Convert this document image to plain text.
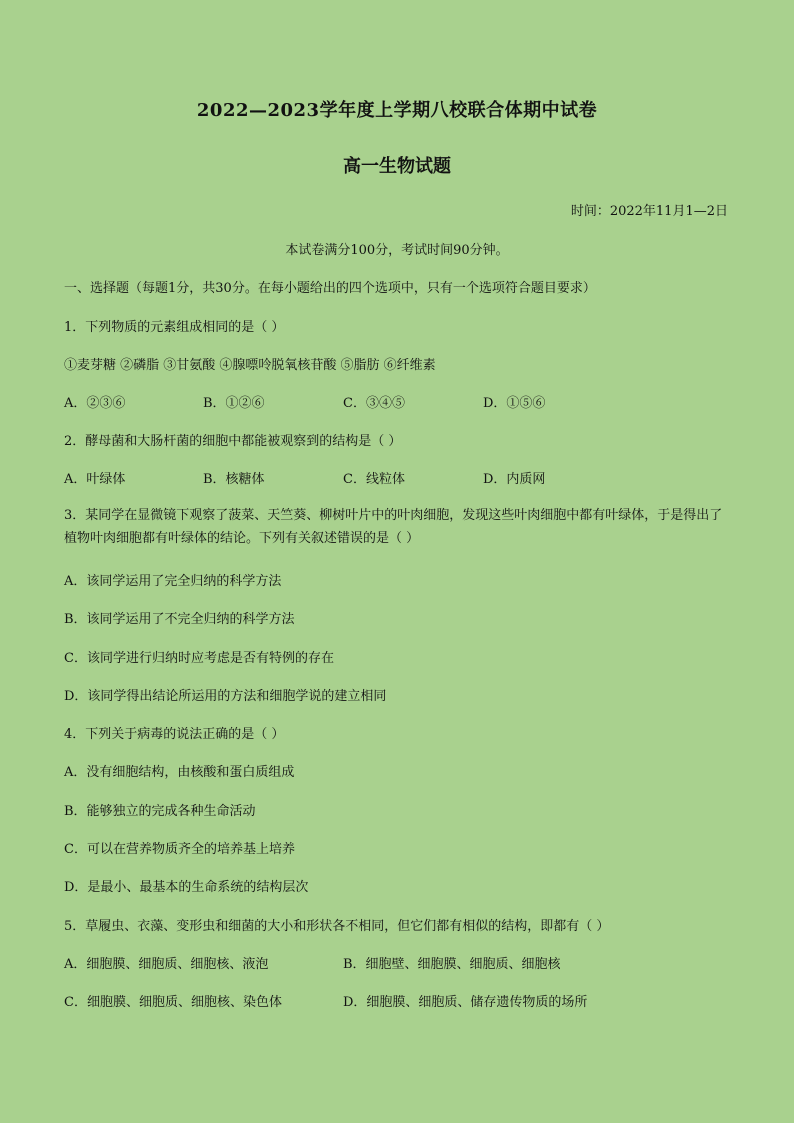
2022—2023学年度上学期八校联合体期中试卷
高一生物试题
时间：2022年11月1—2日
本试卷满分100分，考试时间90分钟。
一、选择题（每题1分，共30分。在每小题给出的四个选项中，只有一个选项符合题目要求）
1．下列物质的元素组成相同的是（ ）
①麦芽糖 ②磷脂 ③甘氨酸 ④腺嘌呤脱氧核苷酸 ⑤脂肪 ⑥纤维素
A．②③⑥	B．①②⑥	C．③④⑤	D．①⑤⑥
2．酵母菌和大肠杆菌的细胞中都能被观察到的结构是（ ）
A．叶绿体	B．核糖体	C．线粒体	D．内质网
3．某同学在显微镜下观察了菠菜、天竺葵、柳树叶片中的叶肉细胞，发现这些叶肉细胞中都有叶绿体，于是得出了植物叶肉细胞都有叶绿体的结论。下列有关叙述错误的是（ ）
A．该同学运用了完全归纳的科学方法
B．该同学运用了不完全归纳的科学方法
C．该同学进行归纳时应考虑是否有特例的存在
D．该同学得出结论所运用的方法和细胞学说的建立相同
4．下列关于病毒的说法正确的是（ ）
A．没有细胞结构，由核酸和蛋白质组成
B．能够独立的完成各种生命活动
C．可以在营养物质齐全的培养基上培养
D．是最小、最基本的生命系统的结构层次
5．草履虫、衣藻、变形虫和细菌的大小和形状各不相同，但它们都有相似的结构，即都有（ ）
A．细胞膜、细胞质、细胞核、液泡	B．细胞壁、细胞膜、细胞质、细胞核
C．细胞膜、细胞质、细胞核、染色体	D．细胞膜、细胞质、储存遗传物质的场所
